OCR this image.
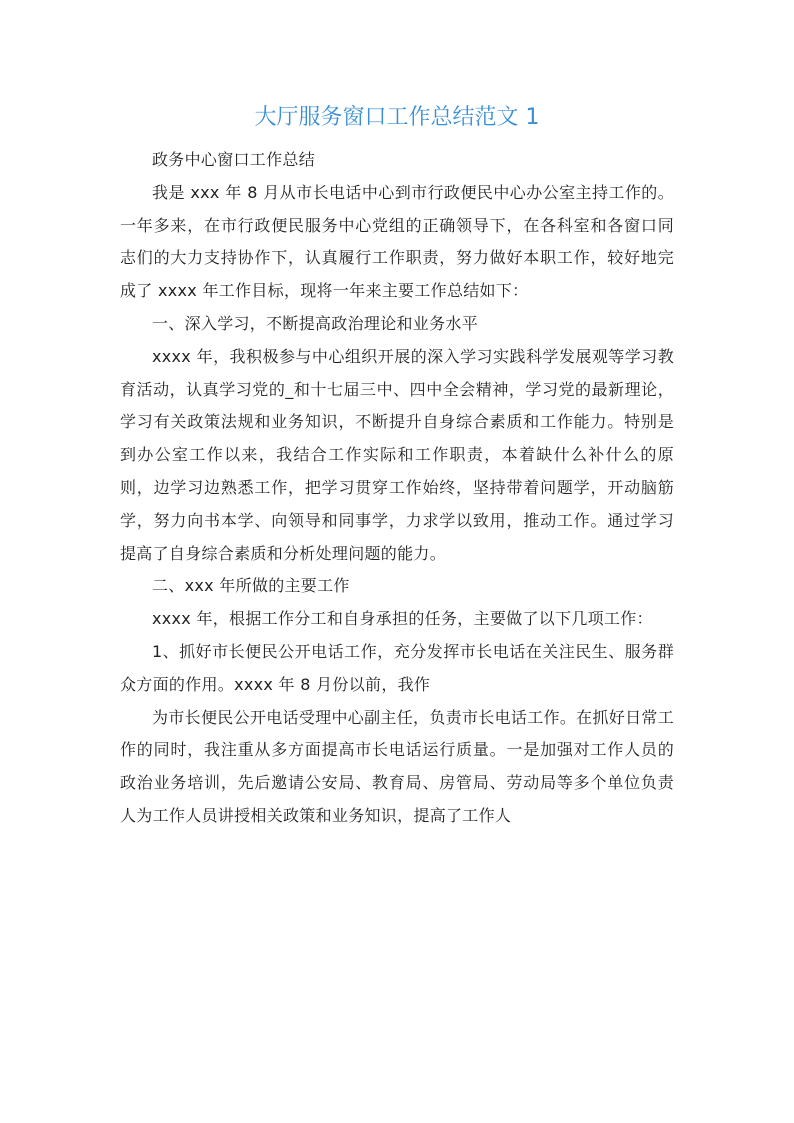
大厅服务窗口工作总结范文 1

政务中心窗口工作总结

我是 xxx 年 8 月从市长电话中心到市行政便民中心办公室主持工作的。一年多来，在市行政便民服务中心党组的正确领导下，在各科室和各窗口同志们的大力支持协作下，认真履行工作职责，努力做好本职工作，较好地完成了 xxxx 年工作目标，现将一年来主要工作总结如下：

一、深入学习，不断提高政治理论和业务水平

xxxx 年，我积极参与中心组织开展的深入学习实践科学发展观等学习教育活动，认真学习党的_和十七届三中、四中全会精神，学习党的最新理论，学习有关政策法规和业务知识，不断提升自身综合素质和工作能力。特别是到办公室工作以来，我结合工作实际和工作职责，本着缺什么补什么的原则，边学习边熟悉工作，把学习贯穿工作始终，坚持带着问题学，开动脑筋学，努力向书本学、向领导和同事学，力求学以致用，推动工作。通过学习提高了自身综合素质和分析处理问题的能力。

二、xxx 年所做的主要工作

xxxx 年，根据工作分工和自身承担的任务，主要做了以下几项工作：

1、抓好市长便民公开电话工作，充分发挥市长电话在关注民生、服务群众方面的作用。xxxx 年 8 月份以前，我作

为市长便民公开电话受理中心副主任，负责市长电话工作。在抓好日常工作的同时，我注重从多方面提高市长电话运行质量。一是加强对工作人员的政治业务培训，先后邀请公安局、教育局、房管局、劳动局等多个单位负责人为工作人员讲授相关政策和业务知识，提高了工作人
